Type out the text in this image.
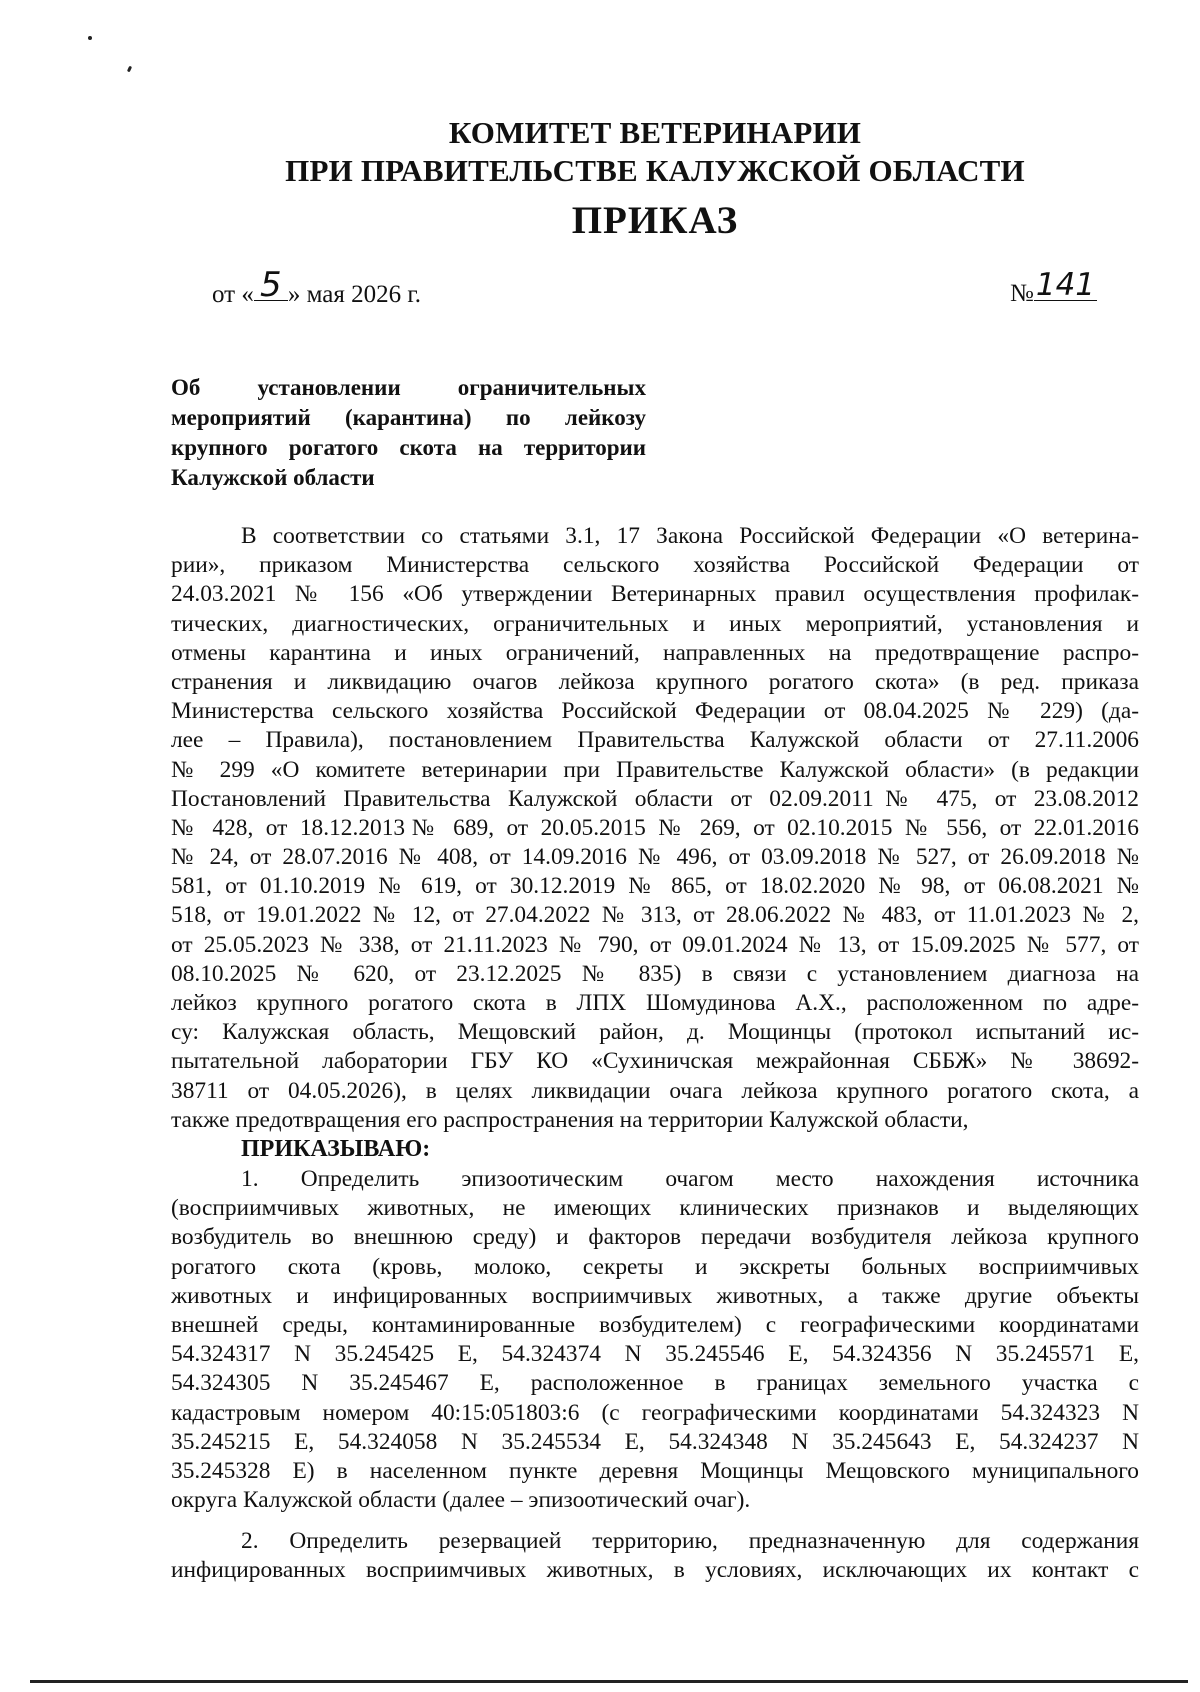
КОМИТЕТ ВЕТЕРИНАРИИ
ПРИ ПРАВИТЕЛЬСТВЕ КАЛУЖСКОЙ ОБЛАСТИ
ПРИКАЗ
от « 5 » мая 2026 г.	№141
Об установлении ограничительных
мероприятий (карантина) по лейкозу
крупного рогатого скота на территории
Калужской области
В соответствии со статьями 3.1, 17 Закона Российской Федерации «О ветерина-
рии», приказом Министерства сельского хозяйства Российской Федерации от
24.03.2021 № 156 «Об утверждении Ветеринарных правил осуществления профилак-
тических, диагностических, ограничительных и иных мероприятий, установления и
отмены карантина и иных ограничений, направленных на предотвращение распро-
странения и ликвидацию очагов лейкоза крупного рогатого скота» (в ред. приказа
Министерства сельского хозяйства Российской Федерации от 08.04.2025 № 229) (да-
лее – Правила), постановлением Правительства Калужской области от 27.11.2006
№ 299 «О комитете ветеринарии при Правительстве Калужской области» (в редакции
Постановлений Правительства Калужской области от 02.09.2011№ 475, от 23.08.2012
№ 428, от 18.12.2013№ 689, от 20.05.2015 № 269, от 02.10.2015 № 556, от 22.01.2016
№ 24, от 28.07.2016 № 408, от 14.09.2016 № 496, от 03.09.2018 № 527, от 26.09.2018 №
581, от 01.10.2019 № 619, от 30.12.2019 № 865, от 18.02.2020 № 98, от 06.08.2021 №
518, от 19.01.2022 № 12, от 27.04.2022 № 313, от 28.06.2022 № 483, от 11.01.2023 № 2,
от 25.05.2023 № 338, от 21.11.2023 № 790, от 09.01.2024 № 13, от 15.09.2025 № 577, от
08.10.2025 № 620, от 23.12.2025 № 835) в связи с установлением диагноза на
лейкоз крупного рогатого скота в ЛПХ Шомудинова А.Х., расположенном по адре-
су: Калужская область, Мещовский район, д. Мощинцы (протокол испытаний ис-
пытательной лаборатории ГБУ КО «Сухиничская межрайонная СББЖ» № 38692-
38711 от 04.05.2026), в целях ликвидации очага лейкоза крупного рогатого скота, а
также предотвращения его распространения на территории Калужской области,
ПРИКАЗЫВАЮ:
1. Определить эпизоотическим очагом место нахождения источника
(восприимчивых животных, не имеющих клинических признаков и выделяющих
возбудитель во внешнюю среду) и факторов передачи возбудителя лейкоза крупного
рогатого скота (кровь, молоко, секреты и экскреты больных восприимчивых
животных и инфицированных восприимчивых животных, а также другие объекты
внешней среды, контаминированные возбудителем) с географическими координатами
54.324317 N 35.245425 E, 54.324374 N 35.245546 E, 54.324356 N 35.245571 E,
54.324305 N 35.245467 E, расположенное в границах земельного участка с
кадастровым номером 40:15:051803:6 (с географическими координатами 54.324323 N
35.245215 E, 54.324058 N 35.245534 E, 54.324348 N 35.245643 E, 54.324237 N
35.245328 E) в населенном пункте деревня Мощинцы Мещовского муниципального
округа Калужской области (далее – эпизоотический очаг).
2. Определить резервацией территорию, предназначенную для содержания
инфицированных восприимчивых животных, в условиях, исключающих их контакт с
